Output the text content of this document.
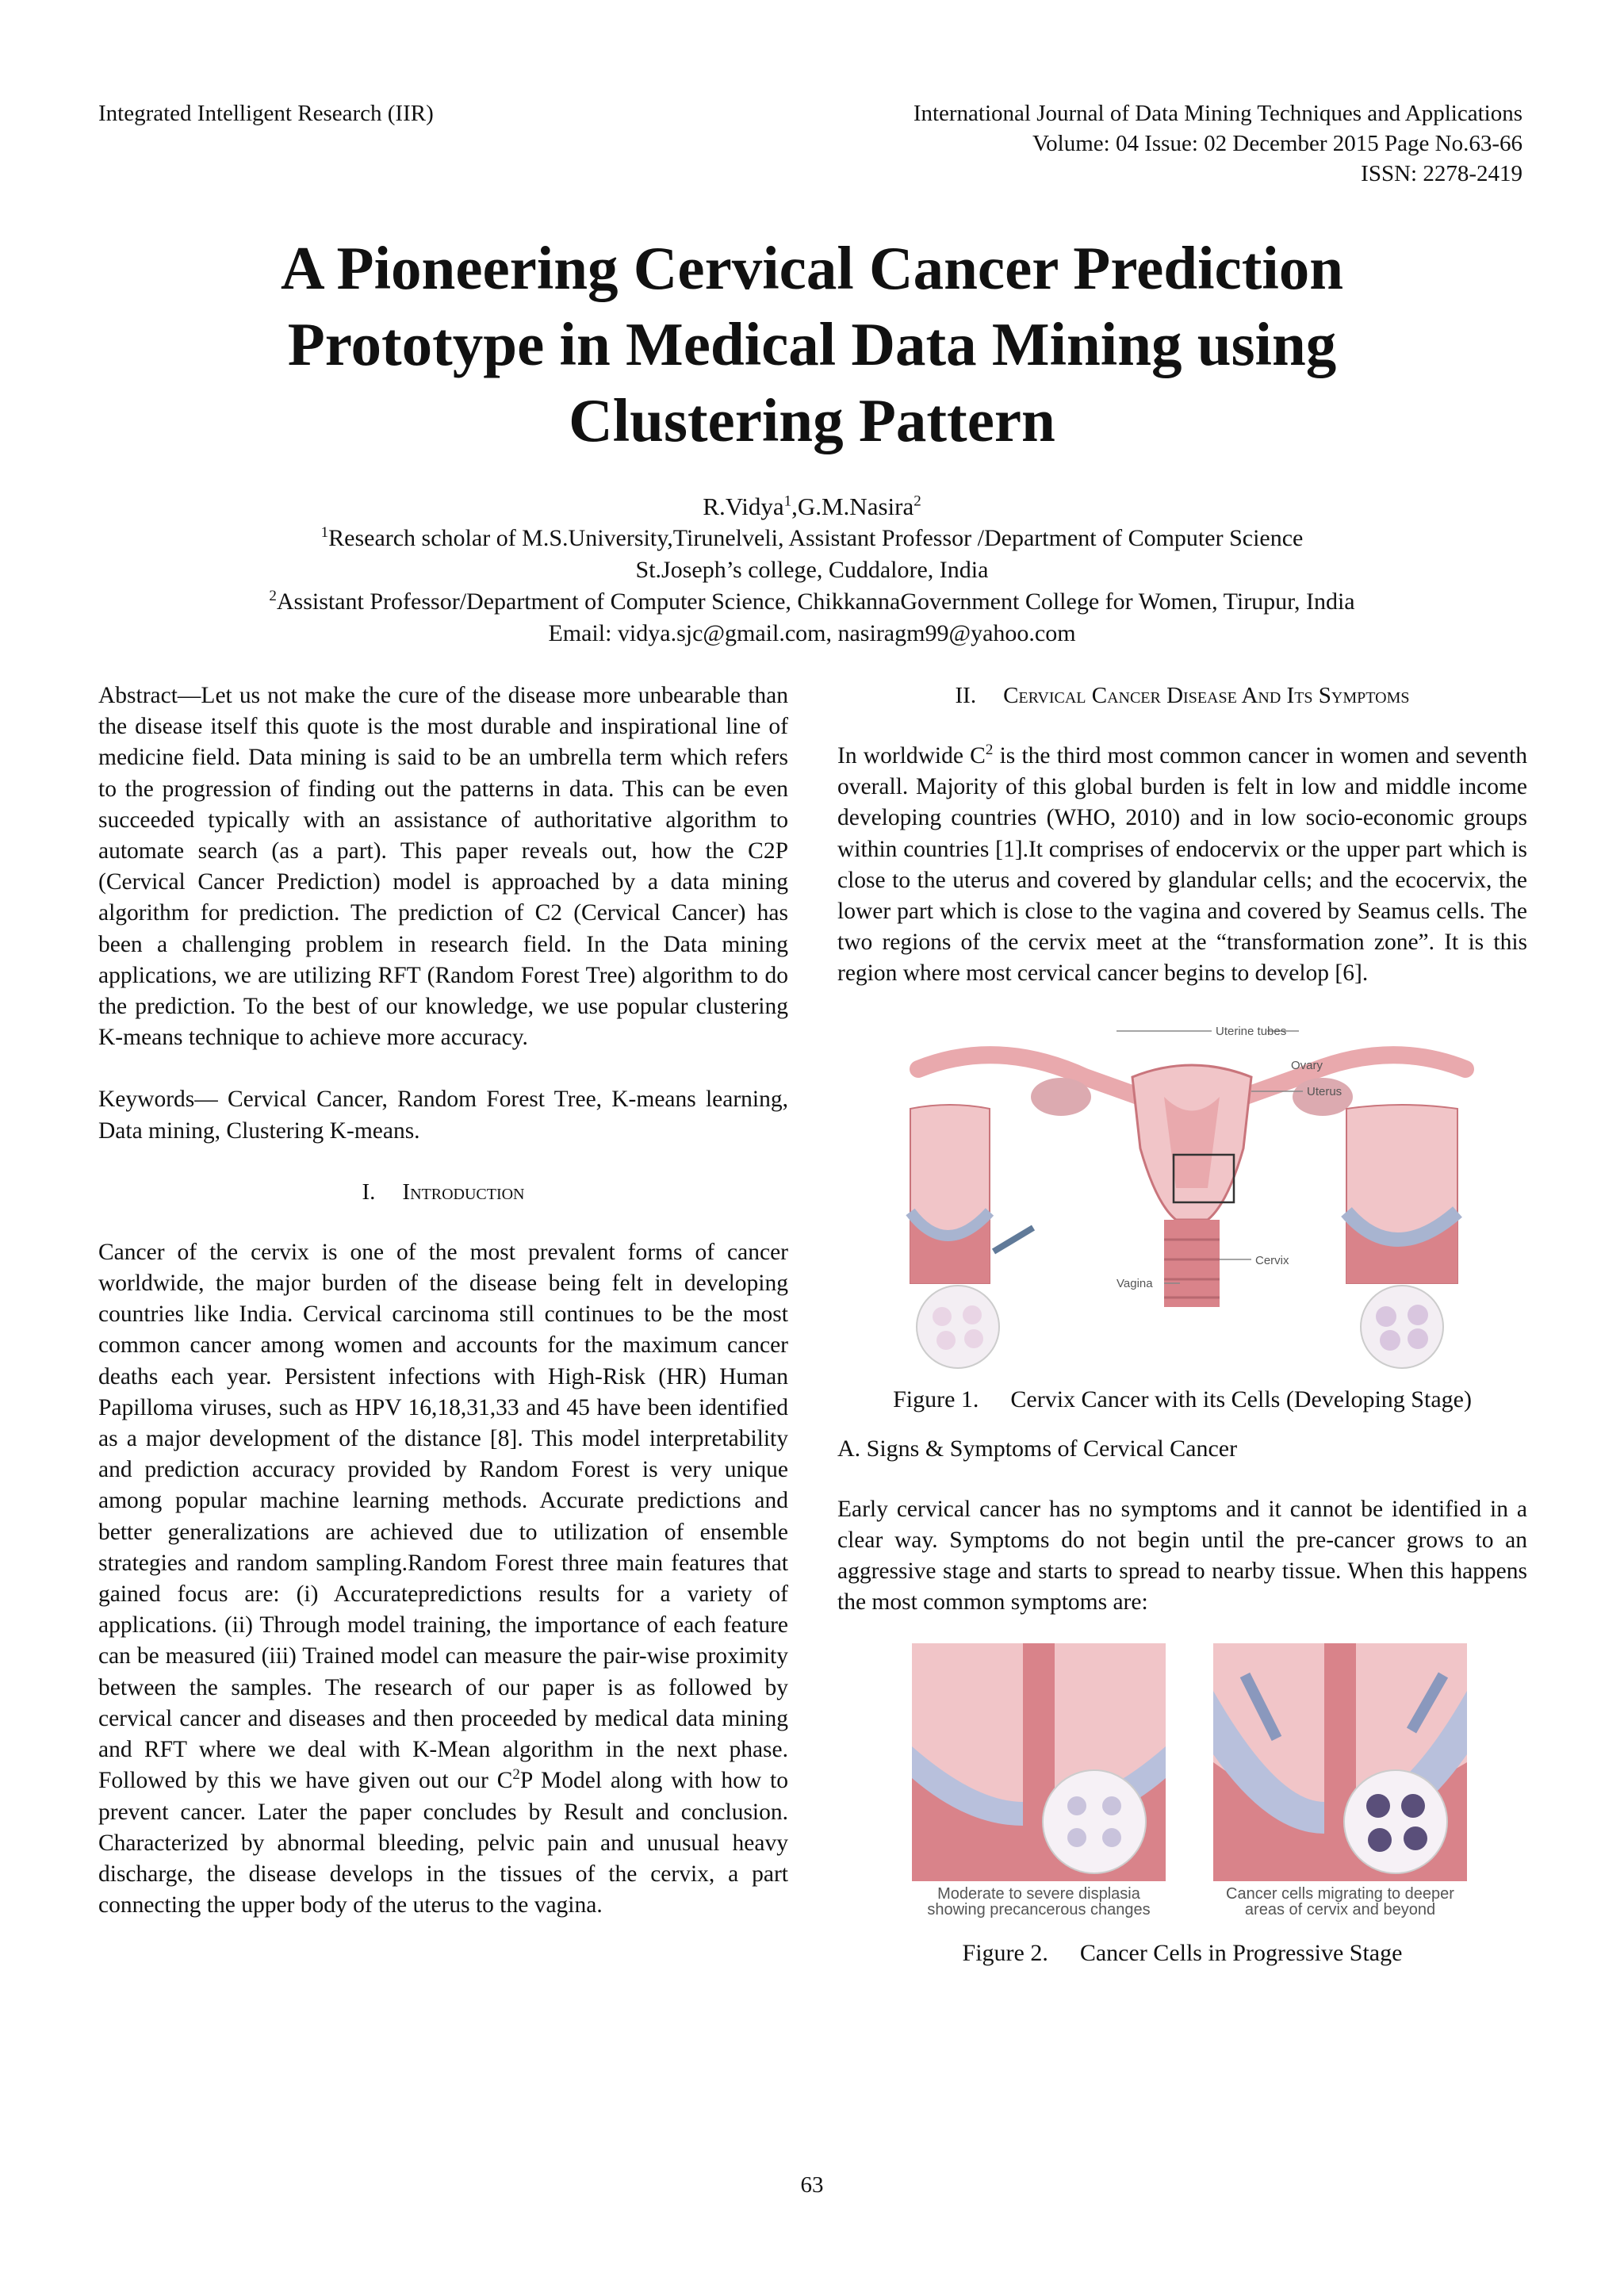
Integrated Intelligent Research (IIR)	International Journal of Data Mining Techniques and Applications
Volume: 04 Issue: 02 December 2015 Page No.63-66
ISSN: 2278-2419
A Pioneering Cervical Cancer Prediction
Prototype in Medical Data Mining using
Clustering Pattern
R.Vidya$^1$,G.M.Nasira$^2$
$^1$Research scholar of M.S.University,Tirunelveli, Assistant Professor /Department of Computer Science
St.Joseph’s college, Cuddalore, India
$^2$Assistant Professor/Department of Computer Science, ChikkannaGovernment College for Women, Tirupur, India
Email: vidya.sjc@gmail.com, nasiragm99@yahoo.com

Abstract—Let us not make the cure of the disease more unbearable than the disease itself this quote is the most durable and inspirational line of medicine field. Data mining is said to be an umbrella term which refers to the progression of finding out the patterns in data. This can be even succeeded typically with an assistance of authoritative algorithm to automate search (as a part). This paper reveals out, how the C2P (Cervical Cancer Prediction) model is approached by a data mining algorithm for prediction. The prediction of C2 (Cervical Cancer) has been a challenging problem in research field. In the Data mining applications, we are utilizing RFT (Random Forest Tree) algorithm to do the prediction. To the best of our knowledge, we use popular clustering K-means technique to achieve more accuracy.

Keywords— Cervical Cancer, Random Forest Tree, K-means learning, Data mining, Clustering K-means.

I. Introduction

Cancer of the cervix is one of the most prevalent forms of cancer worldwide, the major burden of the disease being felt in developing countries like India. Cervical carcinoma still continues to be the most common cancer among women and accounts for the maximum cancer deaths each year. Persistent infections with High-Risk (HR) Human Papilloma viruses, such as HPV 16,18,31,33 and 45 have been identified as a major development of the distance [8]. This model interpretability and prediction accuracy provided by Random Forest is very unique among popular machine learning methods. Accurate predictions and better generalizations are achieved due to utilization of ensemble strategies and random sampling.Random Forest three main features that gained focus are: (i) Accuratepredictions results for a variety of applications. (ii) Through model training, the importance of each feature can be measured (iii) Trained model can measure the pair-wise proximity between the samples. The research of our paper is as followed by cervical cancer and diseases and then proceeded by medical data mining and RFT where we deal with K-Mean algorithm in the next phase. Followed by this we have given out our $C^2P$ Model along with how to prevent cancer. Later the paper concludes by Result and conclusion. Characterized by abnormal bleeding, pelvic pain and unusual heavy discharge, the disease develops in the tissues of the cervix, a part connecting the upper body of the uterus to the vagina.

II. Cervical Cancer Disease And Its Symptoms

In worldwide $C^2$ is the third most common cancer in women and seventh overall. Majority of this global burden is felt in low and middle income developing countries (WHO, 2010) and in low socio-economic groups within countries [1].It comprises of endocervix or the upper part which is close to the uterus and covered by glandular cells; and the ecocervix, the lower part which is close to the vagina and covered by Seamus cells. The two regions of the cervix meet at the “transformation zone”. It is this region where most cervical cancer begins to develop [6].

Uterine tubes
Ovary
Uterus
Cervix
Vagina

Figure 1. Cervix Cancer with its Cells (Developing Stage)

A. Signs & Symptoms of Cervical Cancer

Early cervical cancer has no symptoms and it cannot be identified in a clear way. Symptoms do not begin until the pre-cancer grows to an aggressive stage and starts to spread to nearby tissue. When this happens the most common symptoms are:

Moderate to severe displasia
showing precancerous changes
Cancer cells migrating to deeper
areas of cervix and beyond

Figure 2. Cancer Cells in Progressive Stage

63
